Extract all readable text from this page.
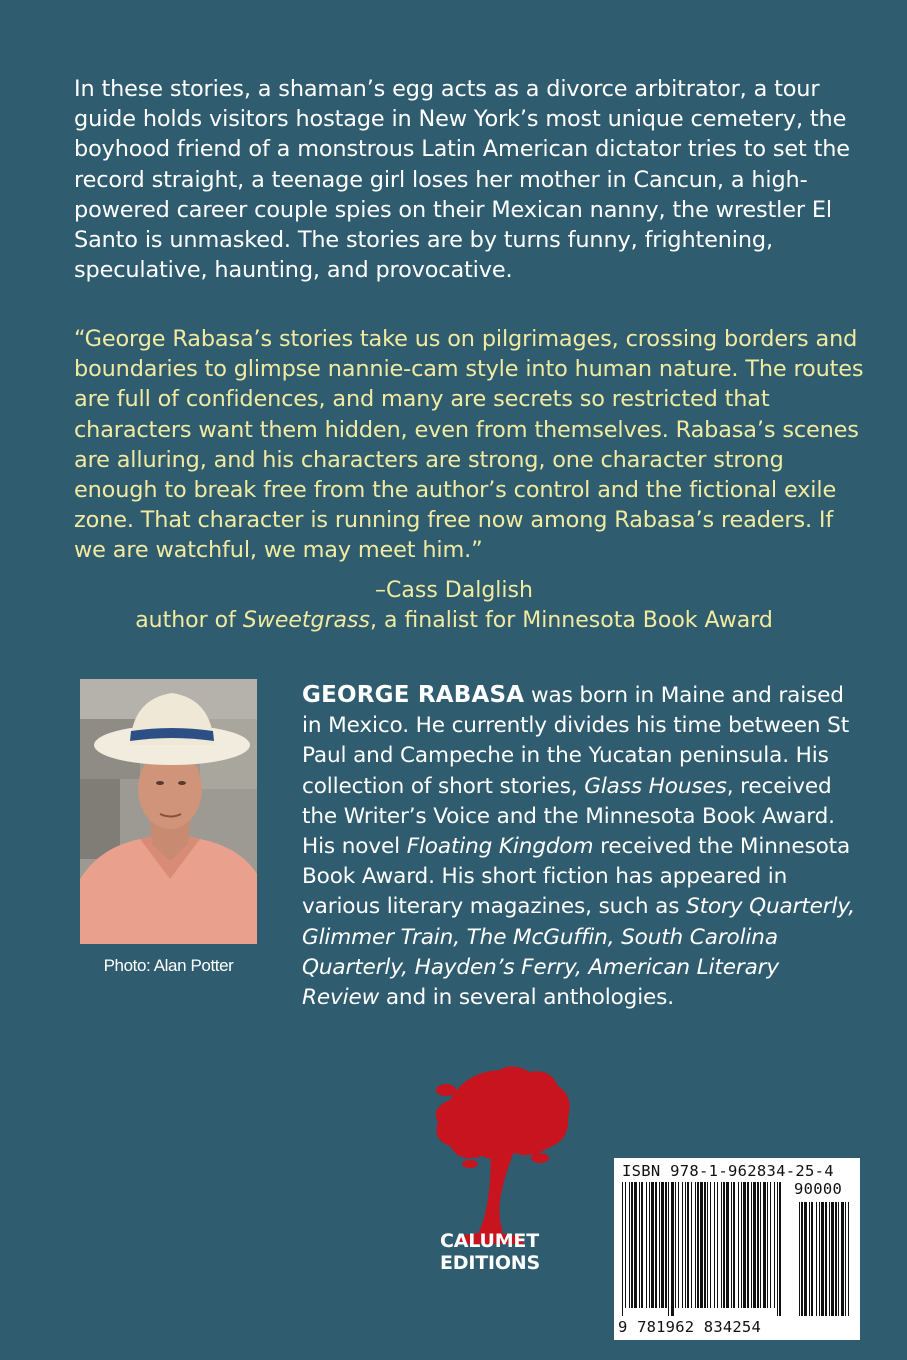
In these stories, a shaman’s egg acts as a divorce arbitrator, a tour guide holds visitors hostage in New York’s most unique cemetery, the boyhood friend of a monstrous Latin American dictator tries to set the record straight, a teenage girl loses her mother in Cancun, a high-powered career couple spies on their Mexican nanny, the wrestler El Santo is unmasked. The stories are by turns funny, frightening, speculative, haunting, and provocative.

“George Rabasa’s stories take us on pilgrimages, crossing borders and boundaries to glimpse nannie-cam style into human nature. The routes are full of confidences, and many are secrets so restricted that characters want them hidden, even from themselves. Rabasa’s scenes are alluring, and his characters are strong, one character strong enough to break free from the author’s control and the fictional exile zone. That character is running free now among Rabasa’s readers. If we are watchful, we may meet him.”

–Cass Dalglish
author of Sweetgrass, a finalist for Minnesota Book Award
Photo: Alan Potter

GEORGE RABASA was born in Maine and raised in Mexico. He currently divides his time between St Paul and Campeche in the Yucatan peninsula. His collection of short stories, Glass Houses, received the Writer’s Voice and the Minnesota Book Award. His novel Floating Kingdom received the Minnesota Book Award. His short fiction has appeared in various literary magazines, such as Story Quarterly, Glimmer Train, The McGuffin, South Carolina Quarterly, Hayden’s Ferry, American Literary Review and in several anthologies.

CALUMET
EDITIONS
ISBN 978-1-962834-25-4
90000
9 781962 834254
